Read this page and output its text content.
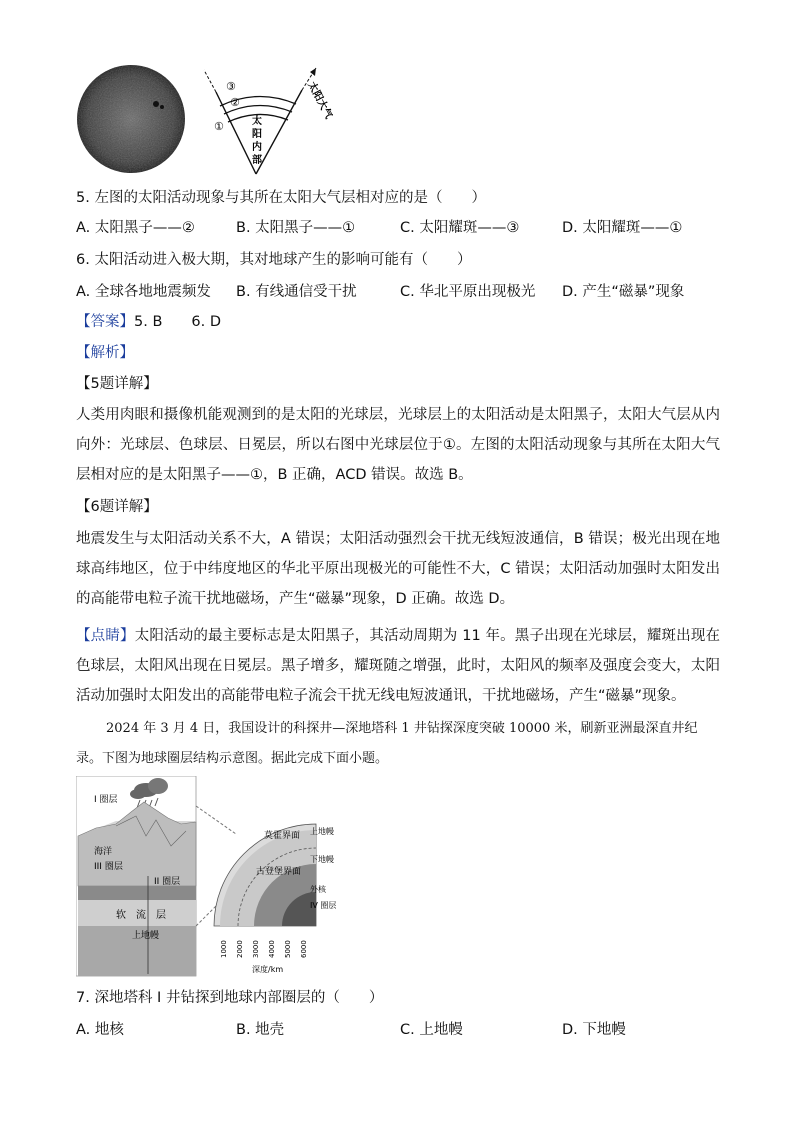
③
②
①	太
阳
内
部
太阳大气
5. 左图的太阳活动现象与其所在太阳大气层相对应的是（　　）
A. 太阳黑子——②	B. 太阳黑子——①	C. 太阳耀斑——③	D. 太阳耀斑——①
6. 太阳活动进入极大期，其对地球产生的影响可能有（　　）
A. 全球各地地震频发 B. 有线通信受干扰	C. 华北平原出现极光 D. 产生“磁暴”现象
【答案】5. B　　6. D
【解析】
【5题详解】
人类用肉眼和摄像机能观测到的是太阳的光球层，光球层上的太阳活动是太阳黑子，太阳大气层从内向外：光球层、色球层、日冕层，所以右图中光球层位于①。左图的太阳活动现象与其所在太阳大气层相对应的是太阳黑子——①，B 正确，ACD 错误。故选 B。
【6题详解】
地震发生与太阳活动关系不大，A 错误；太阳活动强烈会干扰无线短波通信，B 错误；极光出现在地球高纬地区，位于中纬度地区的华北平原出现极光的可能性不大，C 错误；太阳活动加强时太阳发出的高能带电粒子流干扰地磁场，产生“磁暴”现象，D 正确。故选 D。
【点睛】太阳活动的最主要标志是太阳黑子，其活动周期为 11 年。黑子出现在光球层，耀斑出现在色球层，太阳风出现在日冕层。黑子增多，耀斑随之增强，此时，太阳风的频率及强度会变大，太阳活动加强时太阳发出的高能带电粒子流会干扰无线电短波通讯，干扰地磁场，产生“磁暴”现象。
2024 年 3 月 4 日，我国设计的科探井—深地塔科 1 井钻探深度突破 10000 米，刷新亚洲最深直井纪录。下图为地球圈层结构示意图。据此完成下面小题。
I 圈层
海洋
III 圈层
II 圈层
软　流　层
上地幔
莫霍界面
古登堡界面
上地幔
下地幔
外核
IV 圈层
1000 2000 3000 4000 5000 6000
深度/km
7. 深地塔科 I 井钻探到地球内部圈层的（　　）
A. 地核	B. 地壳	C. 上地幔	D. 下地幔
